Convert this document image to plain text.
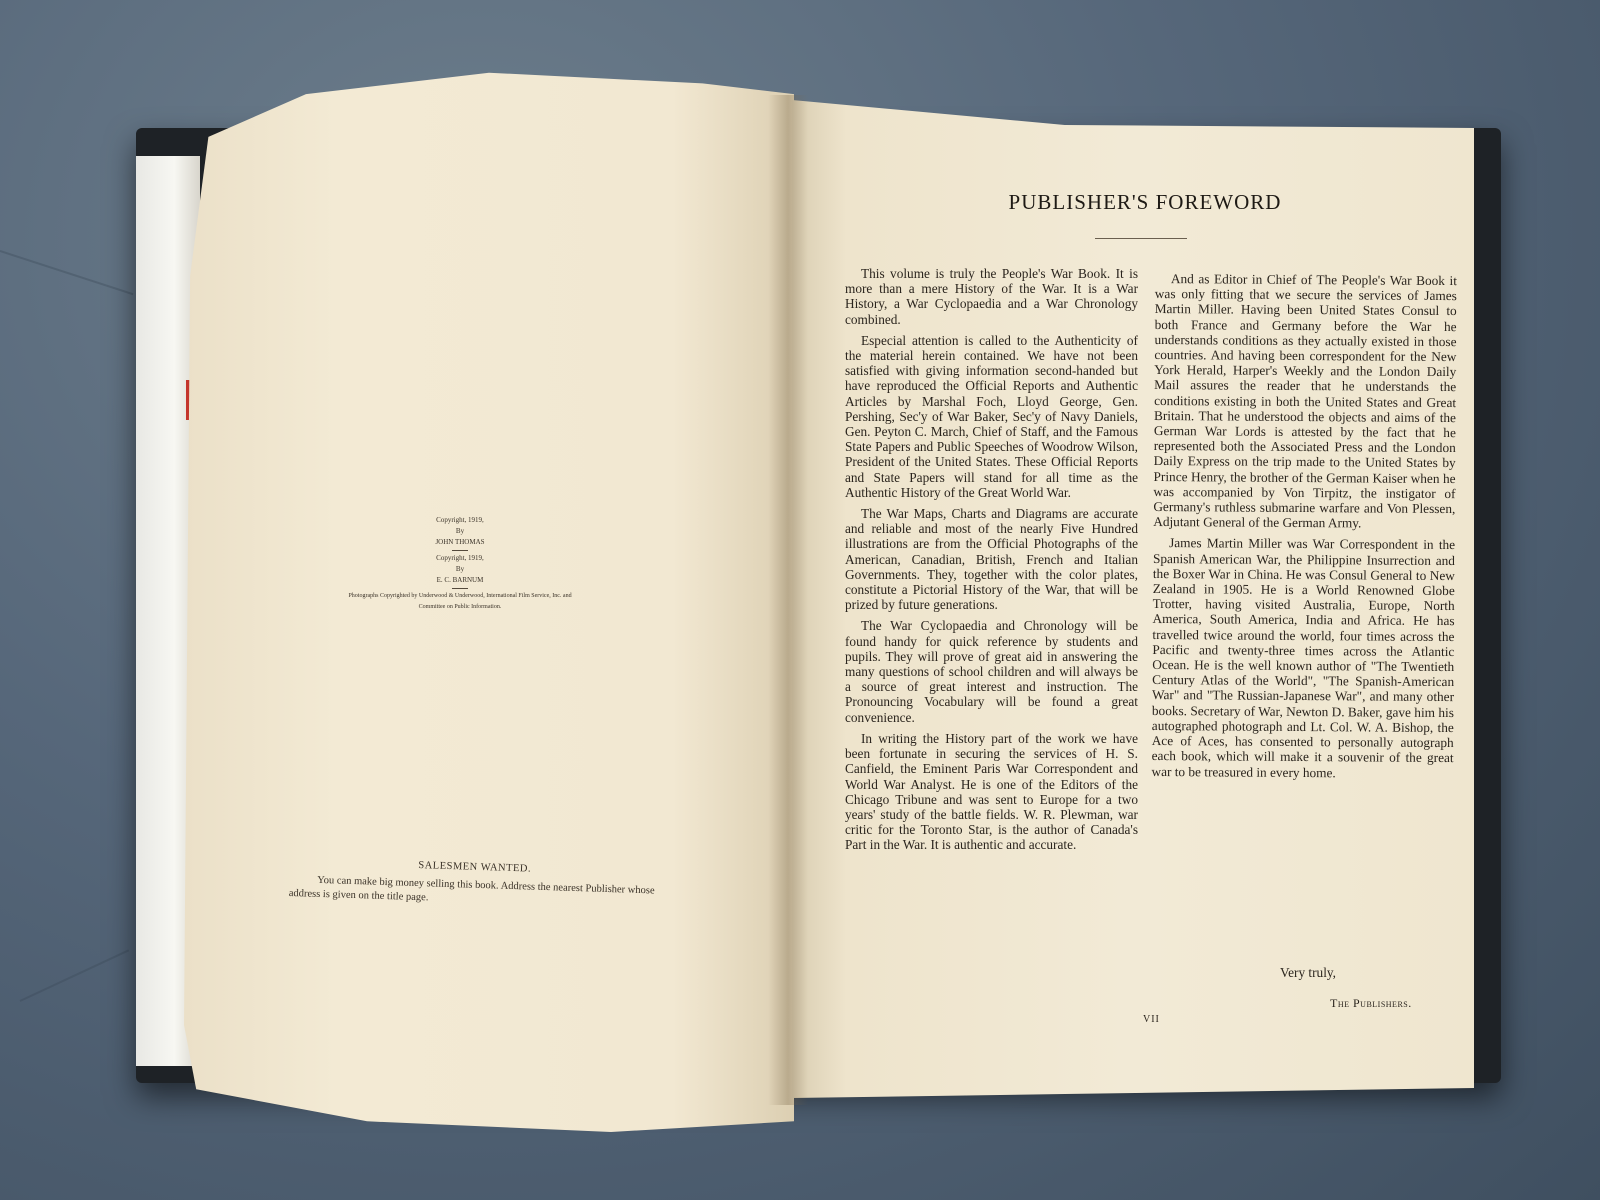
Copyright, 1919,
By
JOHN THOMAS
Copyright, 1919,
By
E. C. BARNUM
Photographs Copyrighted by Underwood & Underwood, International Film Service, Inc. and Committee on Public Information.
SALESMEN WANTED.
You can make big money selling this book. Address the nearest Publisher whose address is given on the title page.
PUBLISHER'S FOREWORD

This volume is truly the People's War Book. It is more than a mere History of the War. It is a War History, a War Cyclopaedia and a War Chronology combined.

Especial attention is called to the Authenticity of the material herein contained. We have not been satisfied with giving information second-handed but have reproduced the Official Reports and Authentic Articles by Marshal Foch, Lloyd George, Gen. Pershing, Sec'y of War Baker, Sec'y of Navy Daniels, Gen. Peyton C. March, Chief of Staff, and the Famous State Papers and Public Speeches of Woodrow Wilson, President of the United States. These Official Reports and State Papers will stand for all time as the Authentic History of the Great World War.

The War Maps, Charts and Diagrams are accurate and reliable and most of the nearly Five Hundred illustrations are from the Official Photographs of the American, Canadian, British, French and Italian Governments. They, together with the color plates, constitute a Pictorial History of the War, that will be prized by future generations.

The War Cyclopaedia and Chronology will be found handy for quick reference by students and pupils. They will prove of great aid in answering the many questions of school children and will always be a source of great interest and instruction. The Pronouncing Vocabulary will be found a great convenience.

In writing the History part of the work we have been fortunate in securing the services of H. S. Canfield, the Eminent Paris War Correspondent and World War Analyst. He is one of the Editors of the Chicago Tribune and was sent to Europe for a two years' study of the battle fields. W. R. Plewman, war critic for the Toronto Star, is the author of Canada's Part in the War. It is authentic and accurate.

And as Editor in Chief of The People's War Book it was only fitting that we secure the services of James Martin Miller. Having been United States Consul to both France and Germany before the War he understands conditions as they actually existed in those countries. And having been correspondent for the New York Herald, Harper's Weekly and the London Daily Mail assures the reader that he understands the conditions existing in both the United States and Great Britain. That he understood the objects and aims of the German War Lords is attested by the fact that he represented both the Associated Press and the London Daily Express on the trip made to the United States by Prince Henry, the brother of the German Kaiser when he was accompanied by Von Tirpitz, the instigator of Germany's ruthless submarine warfare and Von Plessen, Adjutant General of the German Army.

James Martin Miller was War Correspondent in the Spanish American War, the Philippine Insurrection and the Boxer War in China. He was Consul General to New Zealand in 1905. He is a World Renowned Globe Trotter, having visited Australia, Europe, North America, South America, India and Africa. He has travelled twice around the world, four times across the Pacific and twenty-three times across the Atlantic Ocean. He is the well known author of "The Twentieth Century Atlas of the World", "The Spanish-American War" and "The Russian-Japanese War", and many other books. Secretary of War, Newton D. Baker, gave him his autographed photograph and Lt. Col. W. A. Bishop, the Ace of Aces, has consented to personally autograph each book, which will make it a souvenir of the great war to be treasured in every home.

Very truly,
The Publishers.
VII
